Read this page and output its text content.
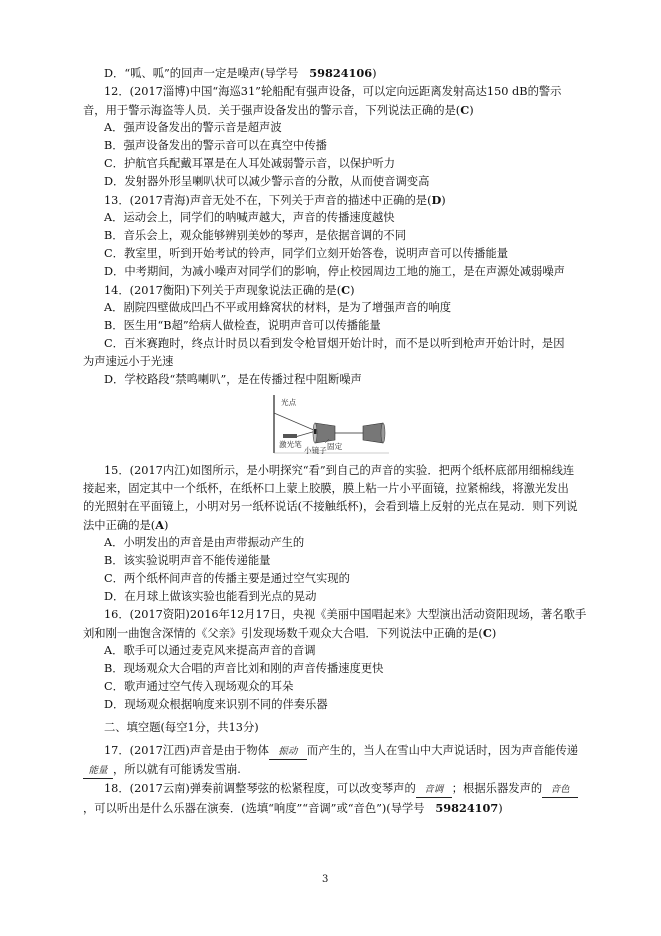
D．“呱、呱”的回声一定是噪声(导学号   59824106)
12．(2017淄博)中国“海巡31”轮船配有强声设备，可以定向远距离发射高达150 dB的警示
音，用于警示海盗等人员．关于强声设备发出的警示音，下列说法正确的是(C)
A．强声设备发出的警示音是超声波
B．强声设备发出的警示音可以在真空中传播
C．护航官兵配戴耳罩是在人耳处减弱警示音，以保护听力
D．发射器外形呈喇叭状可以减少警示音的分散，从而使音调变高
13．(2017青海)声音无处不在，下列关于声音的描述中正确的是(D)
A．运动会上，同学们的呐喊声越大，声音的传播速度越快
B．音乐会上，观众能够辨别美妙的琴声，是依据音调的不同
C．教室里，听到开始考试的铃声，同学们立刻开始答卷，说明声音可以传播能量
D．中考期间，为减小噪声对同学们的影响，停止校园周边工地的施工，是在声源处减弱噪声
14．(2017衡阳)下列关于声现象说法正确的是(C)
A．剧院四壁做成凹凸不平或用蜂窝状的材料，是为了增强声音的响度
B．医生用“B超”给病人做检查，说明声音可以传播能量
C．百米赛跑时，终点计时员以看到发令枪冒烟开始计时，而不是以听到枪声开始计时，是因
为声速远小于光速
D．学校路段“禁鸣喇叭”，是在传播过程中阻断噪声
光点
激光笔
小镜子 固定
15．(2017内江)如图所示，是小明探究“看”到自己的声音的实验．把两个纸杯底部用细棉线连
接起来，固定其中一个纸杯，在纸杯口上蒙上胶膜，膜上粘一片小平面镜，拉紧棉线，将激光发出
的光照射在平面镜上，小明对另一纸杯说话(不接触纸杯)，会看到墙上反射的光点在晃动．则下列说
法中正确的是(A)
A．小明发出的声音是由声带振动产生的
B．该实验说明声音不能传递能量
C．两个纸杯间声音的传播主要是通过空气实现的
D．在月球上做该实验也能看到光点的晃动
16．(2017资阳)2016年12月17日，央视《美丽中国唱起来》大型演出活动资阳现场，著名歌手
刘和刚一曲饱含深情的《父亲》引发现场数千观众大合唱．下列说法中正确的是(C)
A．歌手可以通过麦克风来提高声音的音调
B．现场观众大合唱的声音比刘和刚的声音传播速度更快
C．歌声通过空气传入现场观众的耳朵
D．现场观众根据响度来识别不同的伴奏乐器
二、填空题(每空1分，共13分)
17．(2017江西)声音是由于物体 振动 而产生的，当人在雪山中大声说话时，因为声音能传递
能量 ，所以就有可能诱发雪崩.
18．(2017云南)弹奏前调整琴弦的松紧程度，可以改变琴声的 音调 ；根据乐器发声的 音色
，可以听出是什么乐器在演奏．(选填“响度”“音调”或“音色”)(导学号   59824107)
3
